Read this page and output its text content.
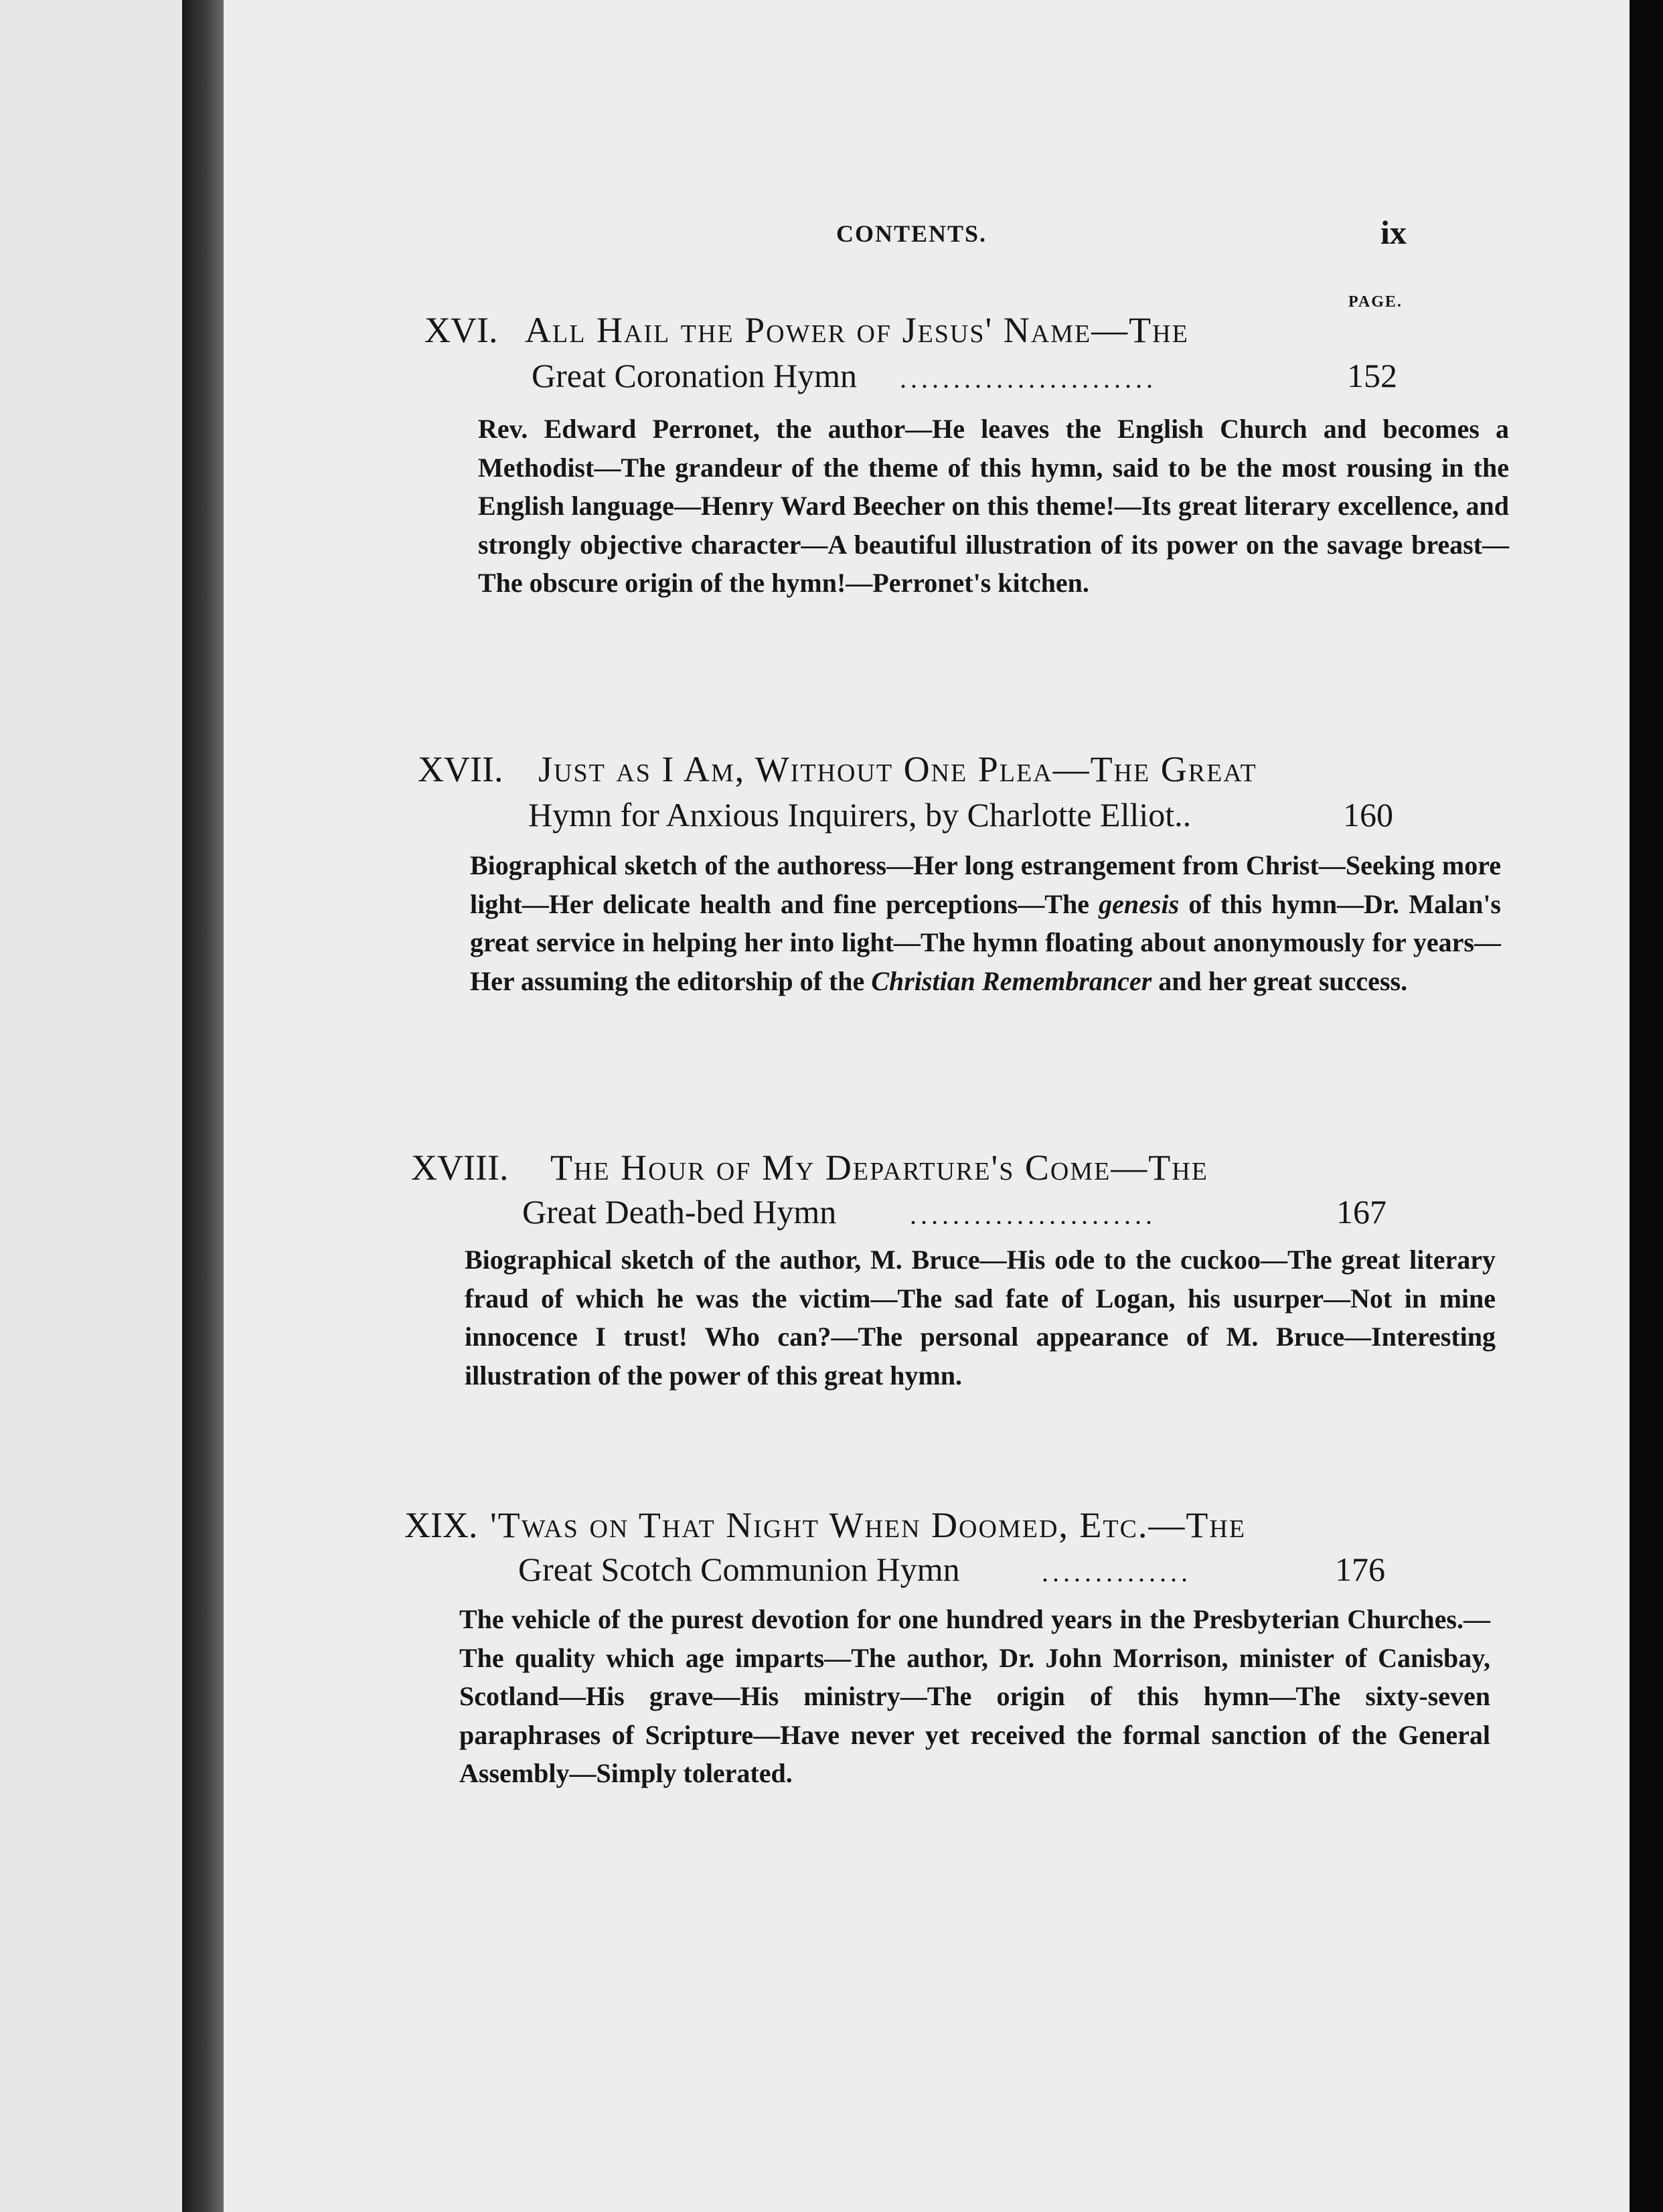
CONTENTS.	ix
PAGE.
XVI. All Hail the Power of Jesus' Name—The
Great Coronation Hymn ........................	152
Rev. Edward Perronet, the author—He leaves the English Church and becomes a Methodist—The grandeur of the theme of this hymn, said to be the most rousing in the English language—Henry Ward Beecher on this theme!—Its great literary excellence, and strongly objective character—A beautiful illustration of its power on the savage breast—The obscure origin of the hymn!—Perronet's kitchen.
XVII. Just as I Am, Without One Plea—The Great
Hymn for Anxious Inquirers, by Charlotte Elliot..	160
Biographical sketch of the authoress—Her long estrangement from Christ—Seeking more light—Her delicate health and fine perceptions—The genesis of this hymn—Dr. Malan's great service in helping her into light—The hymn floating about anonymously for years—Her assuming the editorship of the Christian Remembrancer and her great success.
XVIII. The Hour of My Departure's Come—The
Great Death-bed Hymn	.......................	167
Biographical sketch of the author, M. Bruce—His ode to the cuckoo—The great literary fraud of which he was the victim—The sad fate of Logan, his usurper—Not in mine innocence I trust! Who can?—The personal appearance of M. Bruce—Interesting illustration of the power of this great hymn.
XIX. 'Twas on That Night When Doomed, Etc.—The
Great Scotch Communion Hymn	..............	176
The vehicle of the purest devotion for one hundred years in the Presbyterian Churches.—The quality which age imparts—The author, Dr. John Morrison, minister of Canisbay, Scotland—His grave—His ministry—The origin of this hymn—The sixty-seven paraphrases of Scripture—Have never yet received the formal sanction of the General Assembly—Simply tolerated.
